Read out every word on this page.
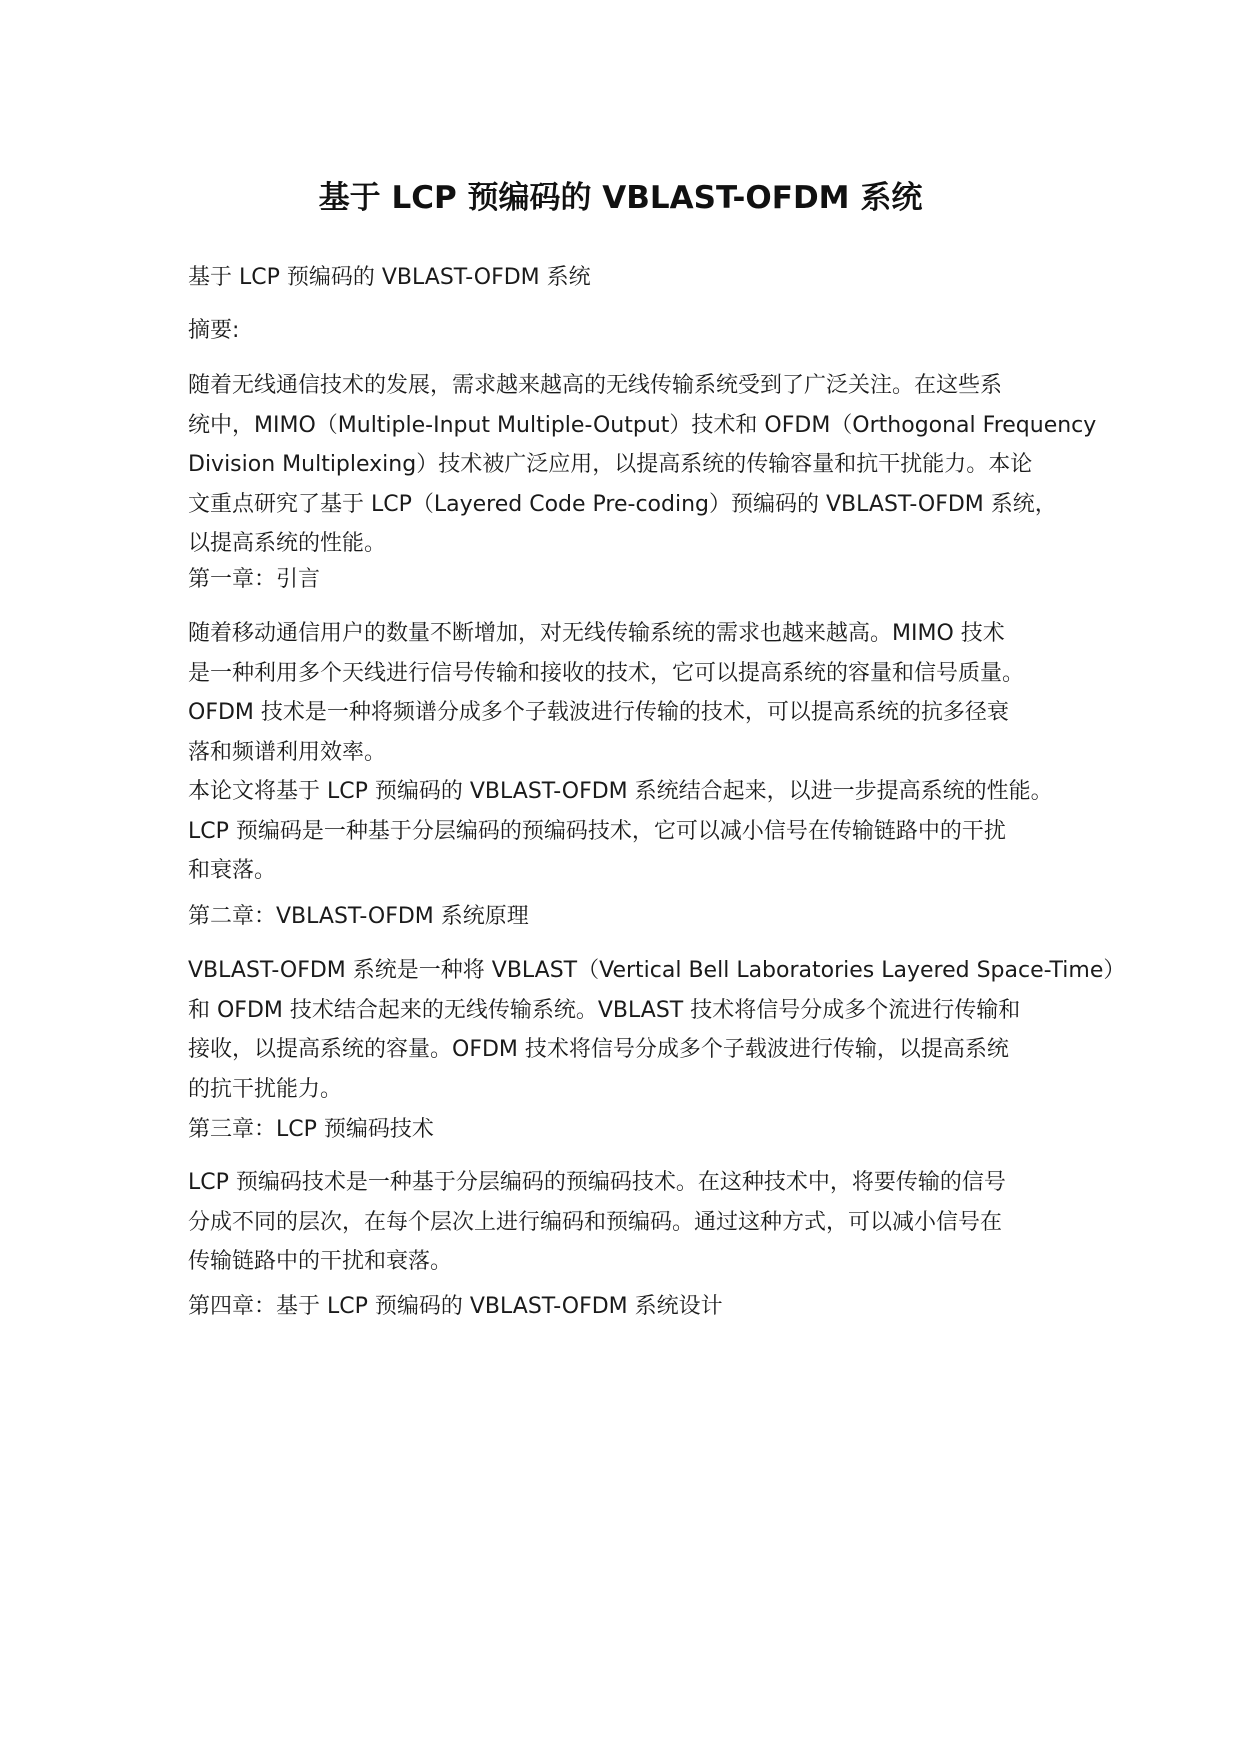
基于 LCP 预编码的 VBLAST-OFDM 系统

基于 LCP 预编码的 VBLAST-OFDM 系统

摘要:

随着无线通信技术的发展，需求越来越高的无线传输系统受到了广泛关注。在这些系
统中，MIMO（Multiple-Input Multiple-Output）技术和 OFDM（Orthogonal Frequency
Division Multiplexing）技术被广泛应用，以提高系统的传输容量和抗干扰能力。本论
文重点研究了基于 LCP（Layered Code Pre-coding）预编码的 VBLAST-OFDM 系统，
以提高系统的性能。

第一章：引言

随着移动通信用户的数量不断增加，对无线传输系统的需求也越来越高。MIMO 技术
是一种利用多个天线进行信号传输和接收的技术，它可以提高系统的容量和信号质量。
OFDM 技术是一种将频谱分成多个子载波进行传输的技术，可以提高系统的抗多径衰
落和频谱利用效率。
本论文将基于 LCP 预编码的 VBLAST-OFDM 系统结合起来，以进一步提高系统的性能。
LCP 预编码是一种基于分层编码的预编码技术，它可以减小信号在传输链路中的干扰
和衰落。

第二章：VBLAST-OFDM 系统原理

VBLAST-OFDM 系统是一种将 VBLAST（Vertical Bell Laboratories Layered Space-Time）
和 OFDM 技术结合起来的无线传输系统。VBLAST 技术将信号分成多个流进行传输和
接收，以提高系统的容量。OFDM 技术将信号分成多个子载波进行传输，以提高系统
的抗干扰能力。

第三章：LCP 预编码技术

LCP 预编码技术是一种基于分层编码的预编码技术。在这种技术中，将要传输的信号
分成不同的层次，在每个层次上进行编码和预编码。通过这种方式，可以减小信号在
传输链路中的干扰和衰落。

第四章：基于 LCP 预编码的 VBLAST-OFDM 系统设计
